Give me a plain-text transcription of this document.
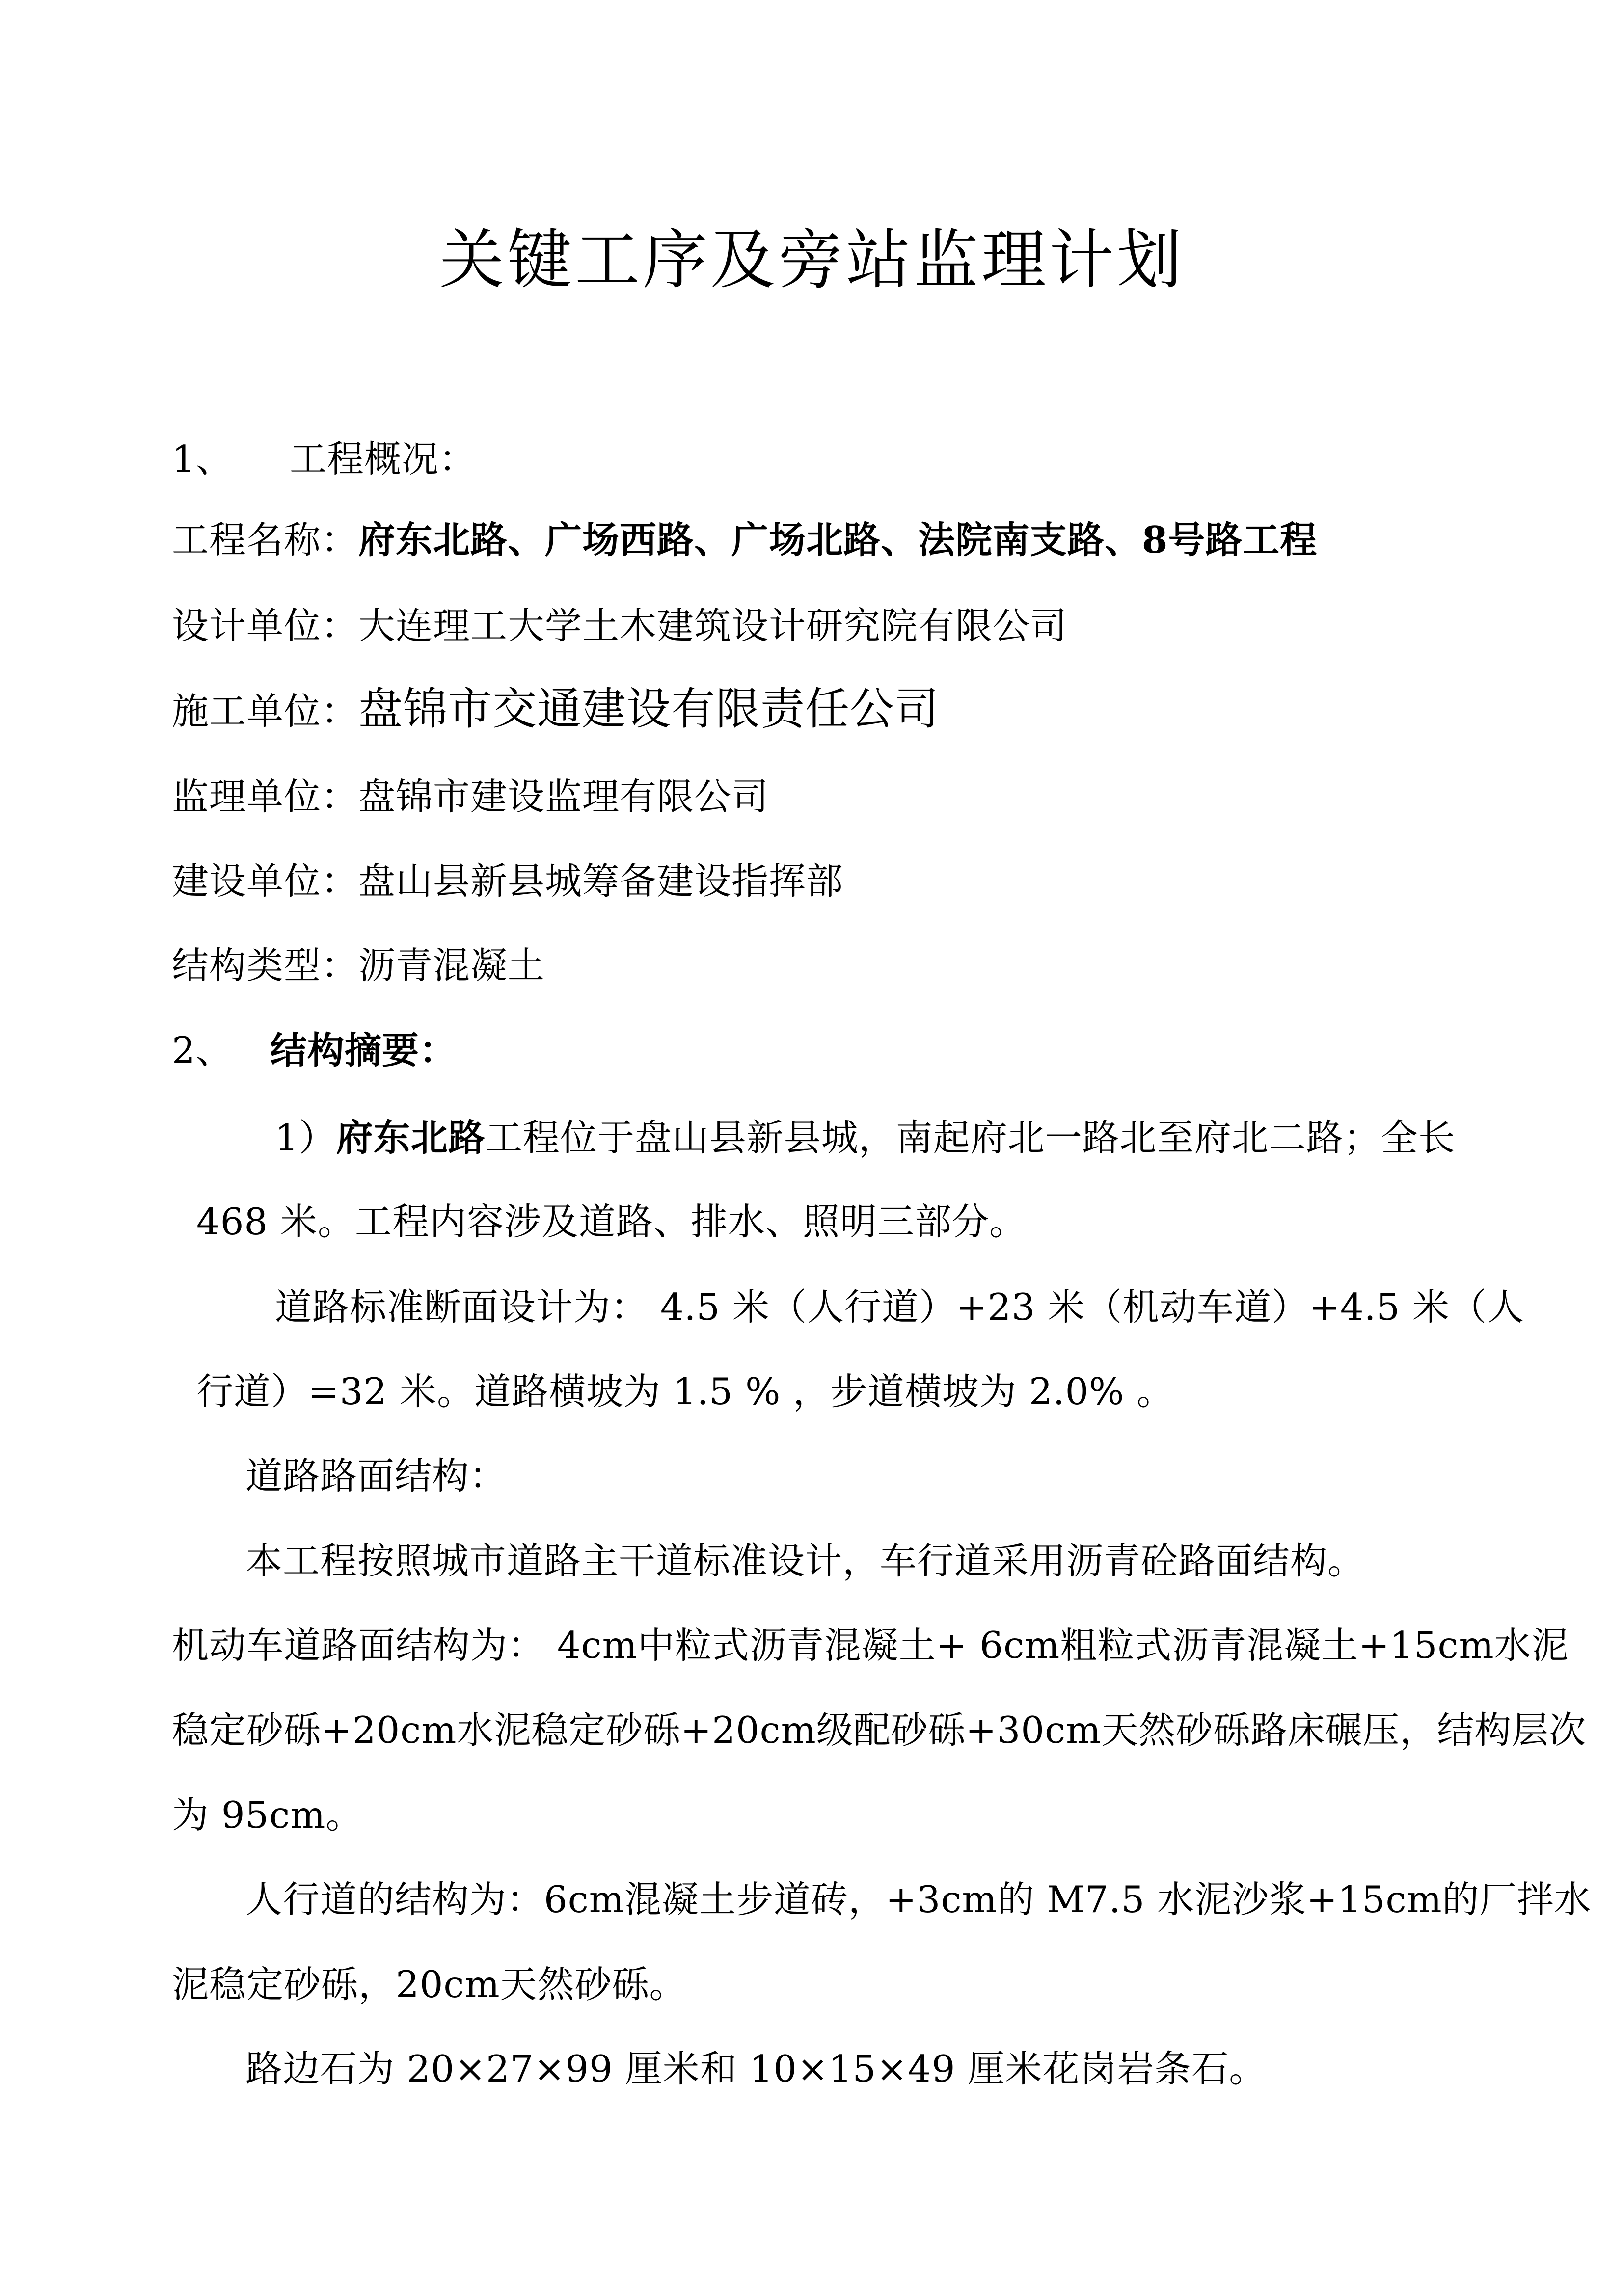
关键工序及旁站监理计划
1、 工程概况：
工程名称：府东北路、广场西路、广场北路、法院南支路、8号路工程
设计单位：大连理工大学土木建筑设计研究院有限公司
施工单位：盘锦市交通建设有限责任公司
监理单位：盘锦市建设监理有限公司
建设单位：盘山县新县城筹备建设指挥部
结构类型：沥青混凝土
2、 结构摘要：
1）府东北路工程位于盘山县新县城，南起府北一路北至府北二路；全长
468 米。工程内容涉及道路、排水、照明三部分。
道路标准断面设计为： 4.5 米（人行道）+23 米（机动车道）+4.5 米（人
行道）=32 米。道路横坡为 1.5 % ，步道横坡为 2.0% 。
道路路面结构：
本工程按照城市道路主干道标准设计，车行道采用沥青砼路面结构。
机动车道路面结构为： 4cm中粒式沥青混凝土+ 6cm粗粒式沥青混凝土+15cm水泥
稳定砂砾+20cm水泥稳定砂砾+20cm级配砂砾+30cm天然砂砾路床碾压，结构层次
为 95cm。
人行道的结构为：6cm混凝土步道砖，+3cm的 M7.5 水泥沙浆+15cm的厂拌水
泥稳定砂砾，20cm天然砂砾。
路边石为 20×27×99 厘米和 10×15×49 厘米花岗岩条石。
